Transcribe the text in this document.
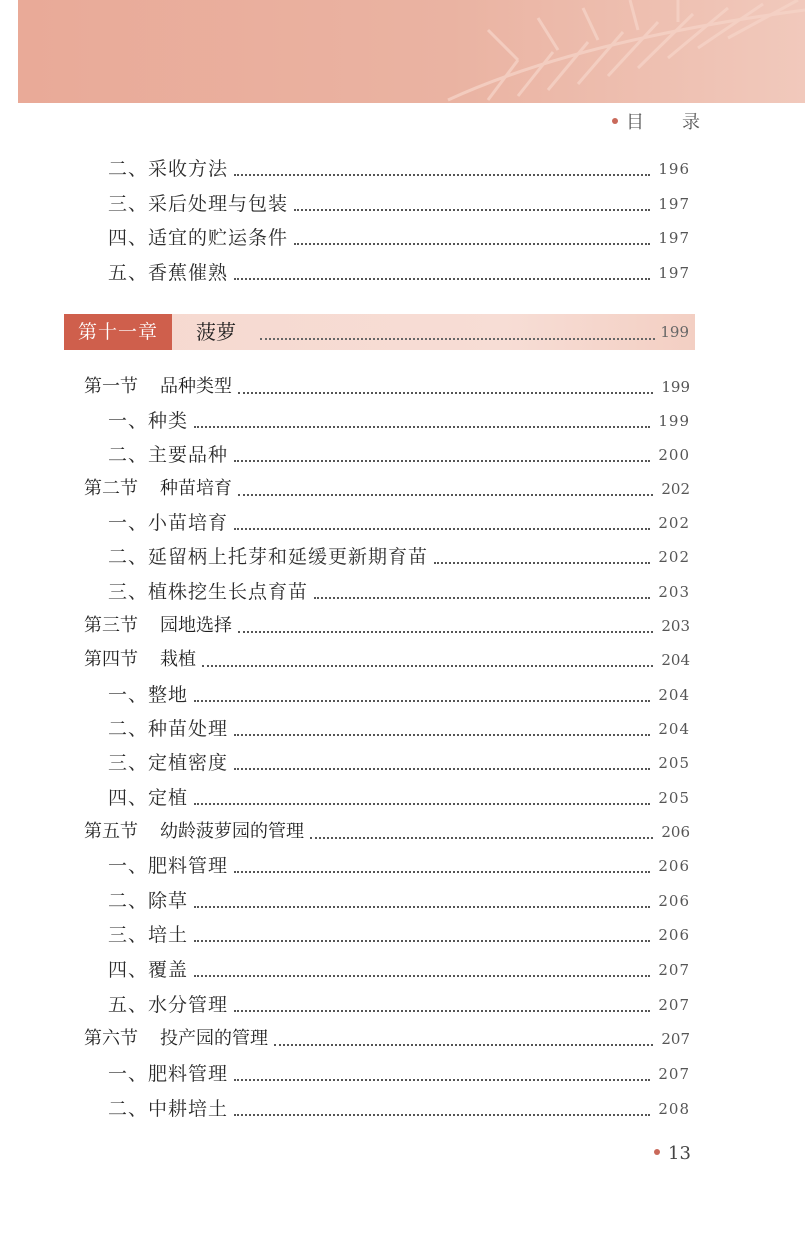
目　录
二、采收方法	196
三、采后处理与包装	197
四、适宜的贮运条件	197
五、香蕉催熟	197
第十一章	菠萝	199
第一节 品种类型	199
一、种类	199
二、主要品种	200
第二节 种苗培育	202
一、小苗培育	202
二、延留柄上托芽和延缓更新期育苗	202
三、植株挖生长点育苗	203
第三节 园地选择	203
第四节 栽植	204
一、整地	204
二、种苗处理	204
三、定植密度	205
四、定植	205
第五节 幼龄菠萝园的管理	206
一、肥料管理	206
二、除草	206
三、培土	206
四、覆盖	207
五、水分管理	207
第六节 投产园的管理	207
一、肥料管理	207
二、中耕培土	208
13
